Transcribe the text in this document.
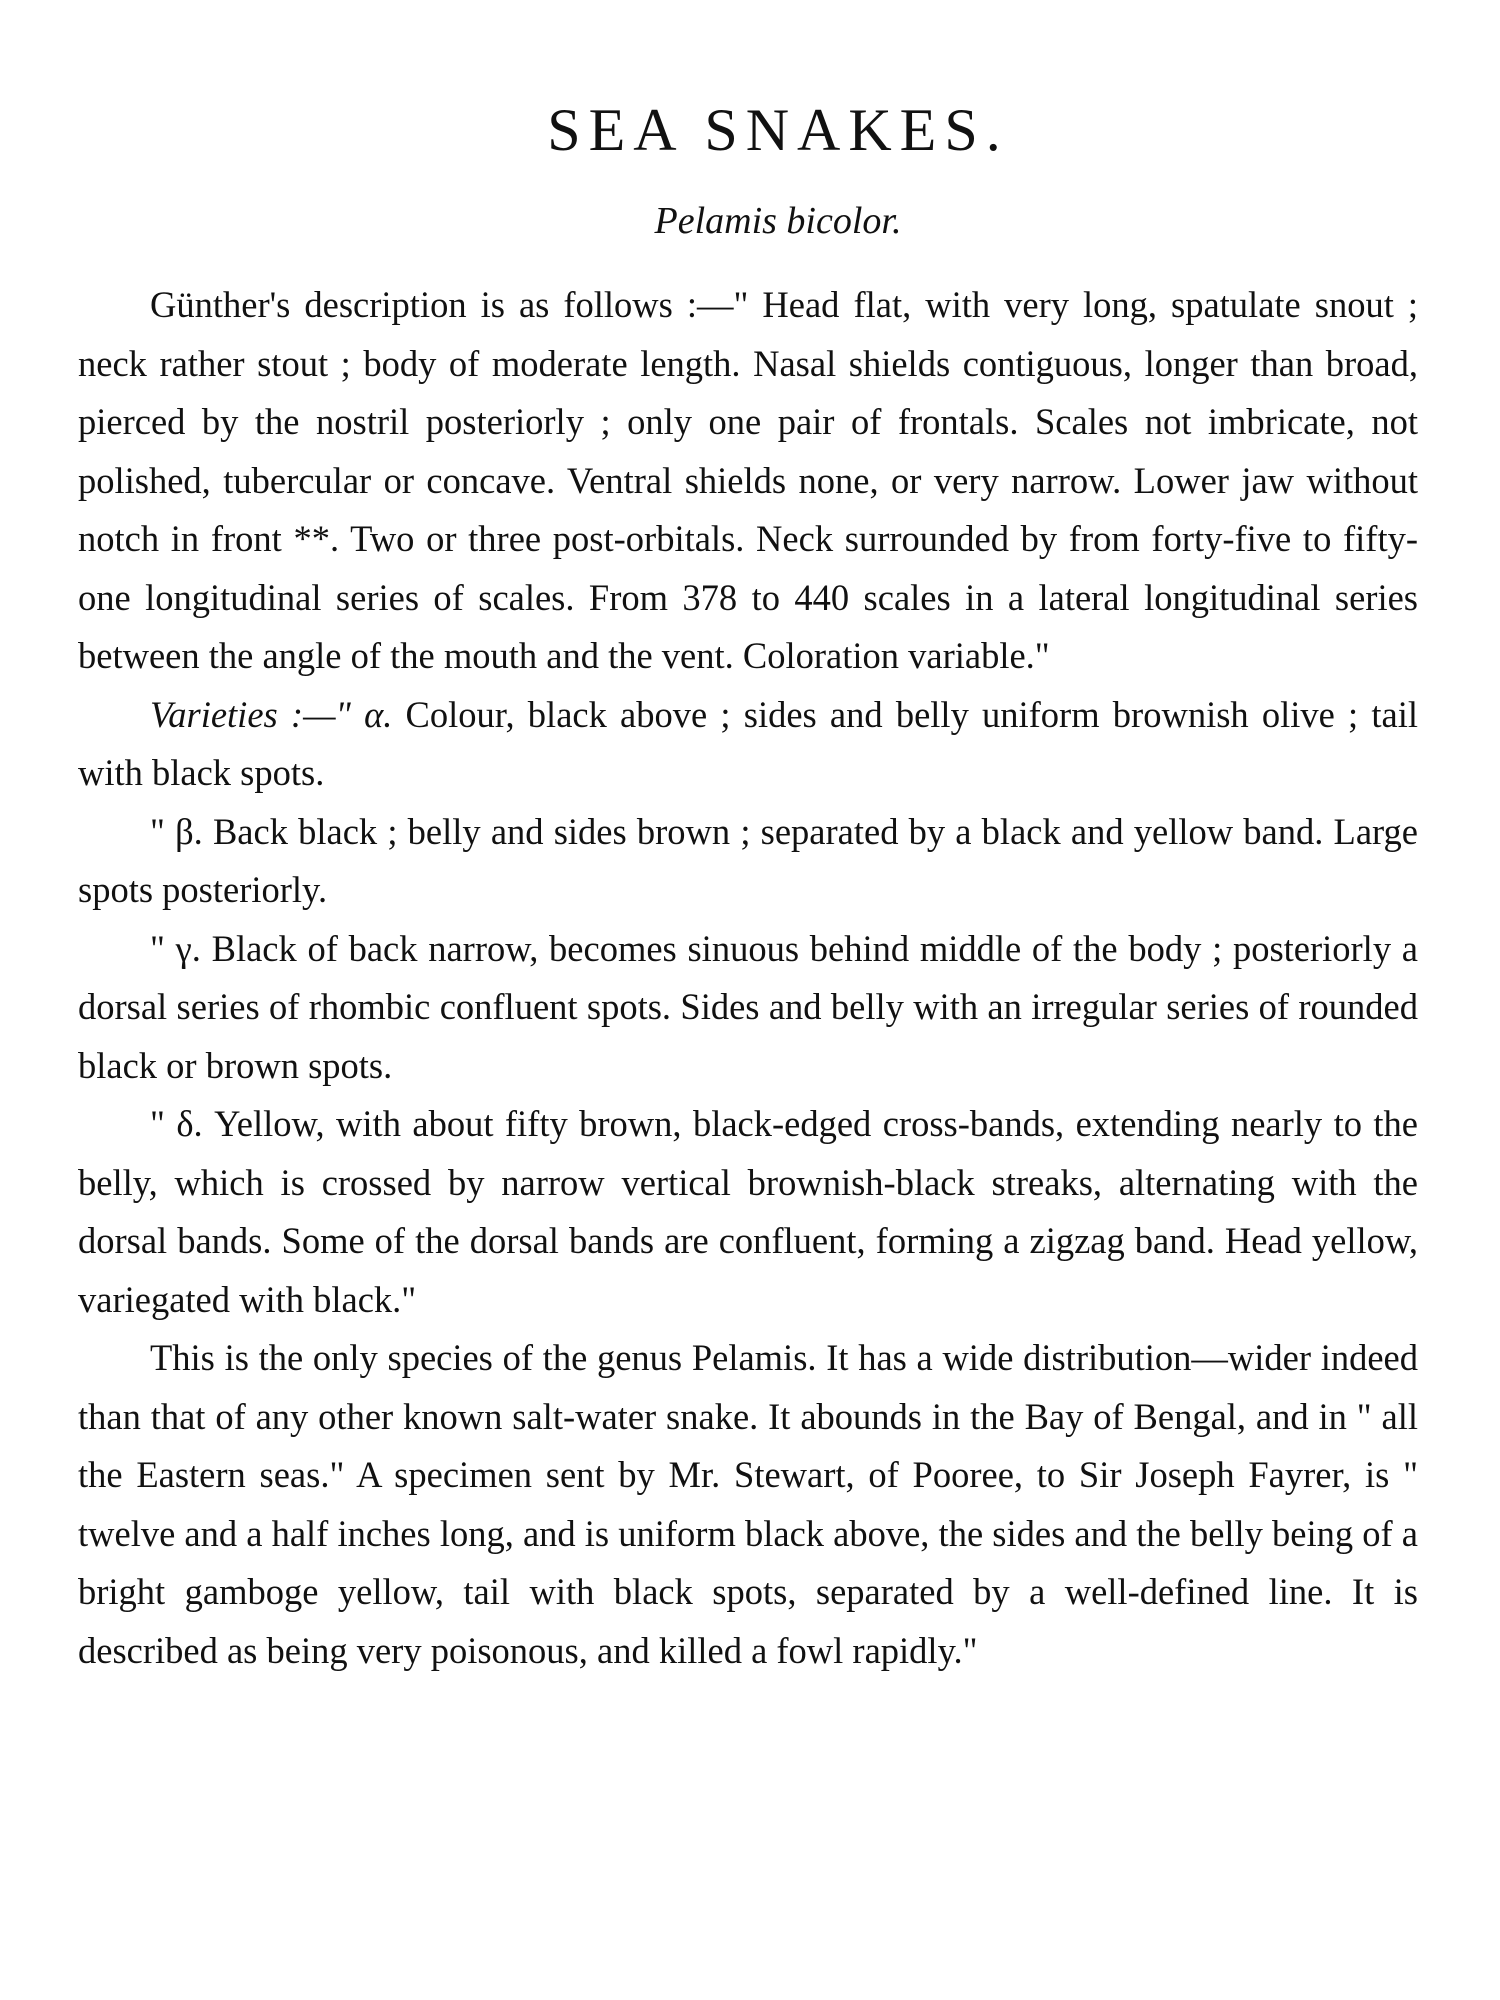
SEA SNAKES.
Pelamis bicolor.

Günther's description is as follows :—" Head flat, with very long, spatulate snout ; neck rather stout ; body of moderate length. Nasal shields contiguous, longer than broad, pierced by the nostril posteriorly ; only one pair of frontals. Scales not imbricate, not polished, tubercular or concave. Ventral shields none, or very narrow. Lower jaw without notch in front **. Two or three post-orbitals. Neck surrounded by from forty-five to fifty-one longitudinal series of scales. From 378 to 440 scales in a lateral longitudinal series between the angle of the mouth and the vent. Coloration variable."

Varieties :—" α. Colour, black above ; sides and belly uniform brownish olive ; tail with black spots.

" β. Back black ; belly and sides brown ; separated by a black and yellow band. Large spots posteriorly.

" γ. Black of back narrow, becomes sinuous behind middle of the body ; posteriorly a dorsal series of rhombic confluent spots. Sides and belly with an irregular series of rounded black or brown spots.

" δ. Yellow, with about fifty brown, black-edged cross-bands, extending nearly to the belly, which is crossed by narrow vertical brownish-black streaks, alternating with the dorsal bands. Some of the dorsal bands are confluent, forming a zigzag band. Head yellow, variegated with black."

This is the only species of the genus Pelamis. It has a wide distribution—wider indeed than that of any other known salt-water snake. It abounds in the Bay of Bengal, and in " all the Eastern seas." A specimen sent by Mr. Stewart, of Pooree, to Sir Joseph Fayrer, is " twelve and a half inches long, and is uniform black above, the sides and the belly being of a bright gamboge yellow, tail with black spots, separated by a well-defined line. It is described as being very poisonous, and killed a fowl rapidly."
